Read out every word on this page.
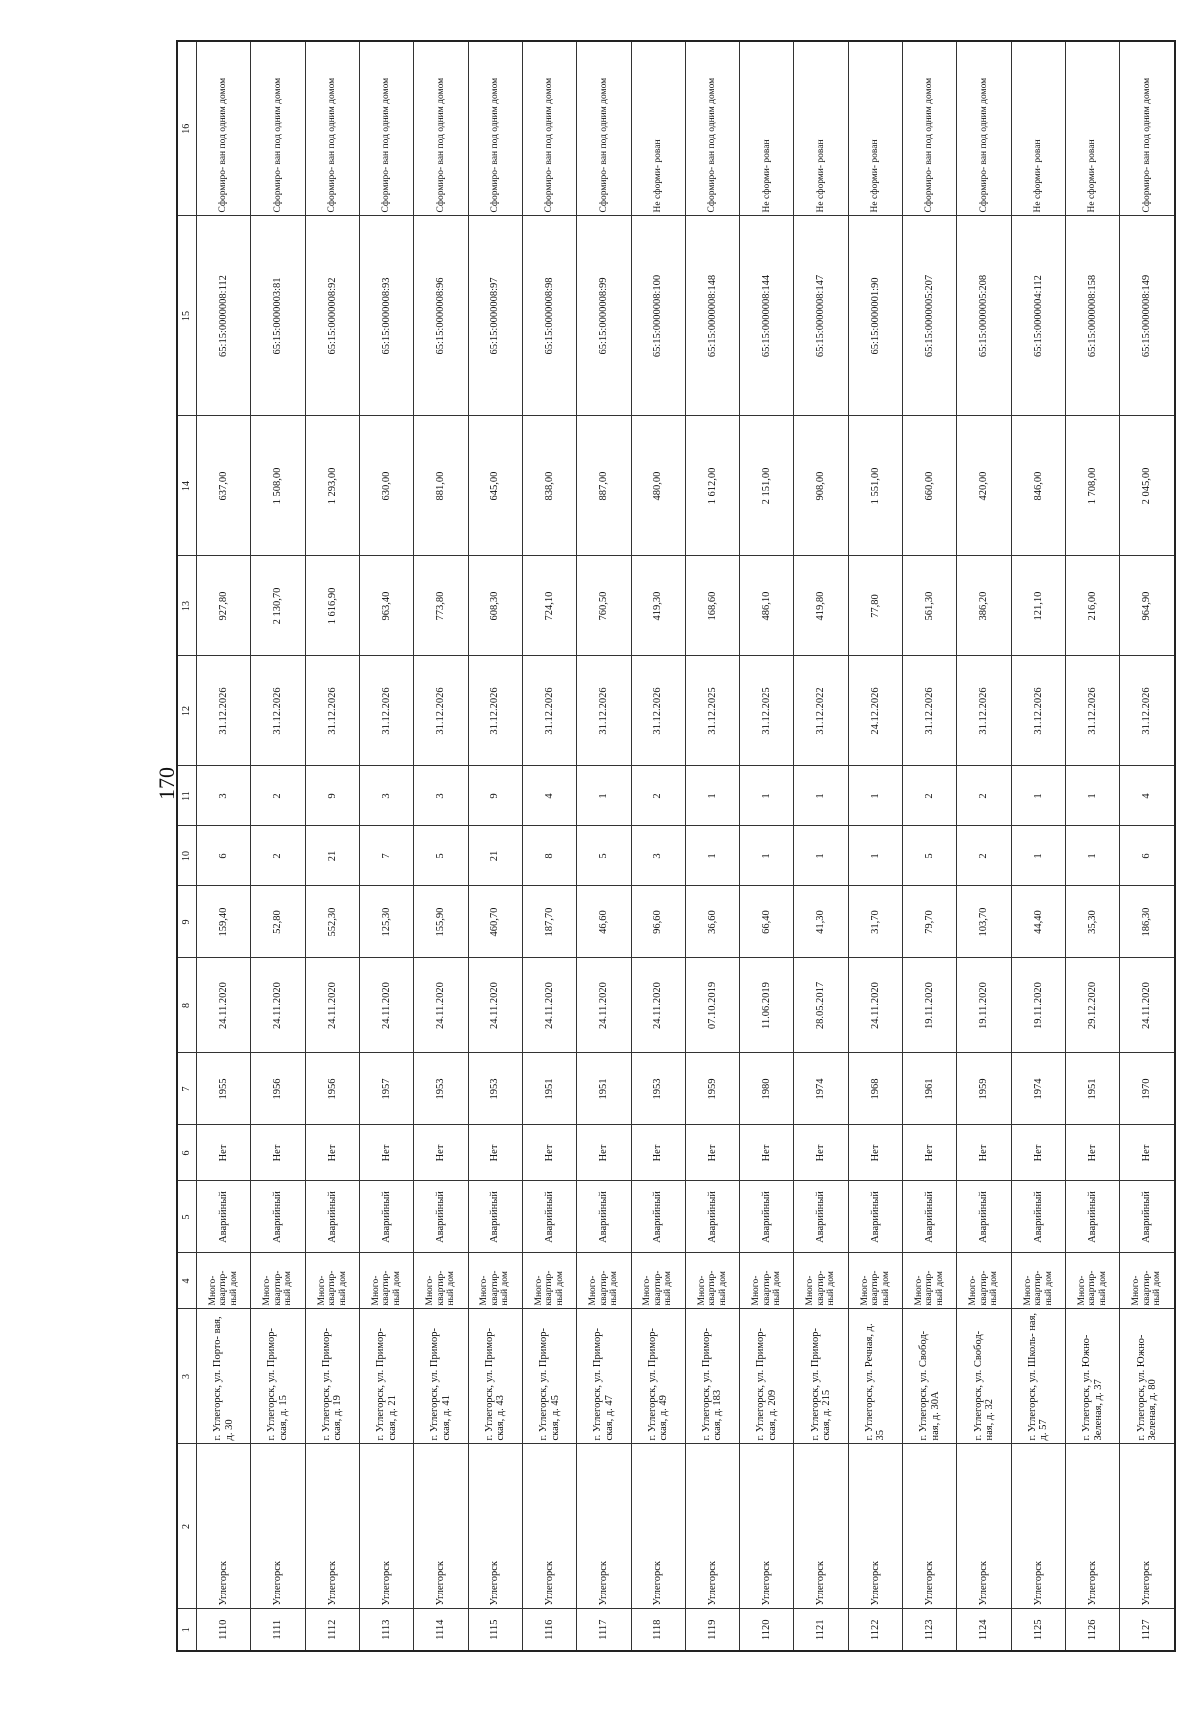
170
1	2	3	4	5	6	7	8	9	10	11	12	13	14	15	16
1110	Углегорск	г. Углегорск, ул. Порто- вая, д. 30	Много- квартир- ный дом	Аварийный	Нет	1955	24.11.2020	159,40	6	3	31.12.2026	927,80	637,00	65:15:0000008:112	Сформиро- ван под одним домом
1111	Углегорск	г. Углегорск, ул. Примор- ская, д. 15	Много- квартир- ный дом	Аварийный	Нет	1956	24.11.2020	52,80	2	2	31.12.2026	2 130,70	1 508,00	65:15:0000003:81	Сформиро- ван под одним домом
1112	Углегорск	г. Углегорск, ул. Примор- ская, д. 19	Много- квартир- ный дом	Аварийный	Нет	1956	24.11.2020	552,30	21	9	31.12.2026	1 616,90	1 293,00	65:15:0000008:92	Сформиро- ван под одним домом
1113	Углегорск	г. Углегорск, ул. Примор- ская, д. 21	Много- квартир- ный дом	Аварийный	Нет	1957	24.11.2020	125,30	7	3	31.12.2026	963,40	630,00	65:15:0000008:93	Сформиро- ван под одним домом
1114	Углегорск	г. Углегорск, ул. Примор- ская, д. 41	Много- квартир- ный дом	Аварийный	Нет	1953	24.11.2020	155,90	5	3	31.12.2026	773,80	881,00	65:15:0000008:96	Сформиро- ван под одним домом
1115	Углегорск	г. Углегорск, ул. Примор- ская, д. 43	Много- квартир- ный дом	Аварийный	Нет	1953	24.11.2020	460,70	21	9	31.12.2026	608,30	645,00	65:15:0000008:97	Сформиро- ван под одним домом
1116	Углегорск	г. Углегорск, ул. Примор- ская, д. 45	Много- квартир- ный дом	Аварийный	Нет	1951	24.11.2020	187,70	8	4	31.12.2026	724,10	838,00	65:15:0000008:98	Сформиро- ван под одним домом
1117	Углегорск	г. Углегорск, ул. Примор- ская, д. 47	Много- квартир- ный дом	Аварийный	Нет	1951	24.11.2020	46,60	5	1	31.12.2026	760,50	887,00	65:15:0000008:99	Сформиро- ван под одним домом
1118	Углегорск	г. Углегорск, ул. Примор- ская, д. 49	Много- квартир- ный дом	Аварийный	Нет	1953	24.11.2020	96,60	3	2	31.12.2026	419,30	480,00	65:15:0000008:100	Не сформи- рован
1119	Углегорск	г. Углегорск, ул. Примор- ская, д. 183	Много- квартир- ный дом	Аварийный	Нет	1959	07.10.2019	36,60	1	1	31.12.2025	168,60	1 612,00	65:15:0000008:148	Сформиро- ван под одним домом
1120	Углегорск	г. Углегорск, ул. Примор- ская, д. 209	Много- квартир- ный дом	Аварийный	Нет	1980	11.06.2019	66,40	1	1	31.12.2025	486,10	2 151,00	65:15:0000008:144	Не сформи- рован
1121	Углегорск	г. Углегорск, ул. Примор- ская, д. 215	Много- квартир- ный дом	Аварийный	Нет	1974	28.05.2017	41,30	1	1	31.12.2022	419,80	908,00	65:15:0000008:147	Не сформи- рован
1122	Углегорск	г. Углегорск, ул. Речная, д. 35	Много- квартир- ный дом	Аварийный	Нет	1968	24.11.2020	31,70	1	1	24.12.2026	77,80	1 551,00	65:15:0000001:90	Не сформи- рован
1123	Углегорск	г. Углегорск, ул. Свобод- ная, д. 30А	Много- квартир- ный дом	Аварийный	Нет	1961	19.11.2020	79,70	5	2	31.12.2026	561,30	660,00	65:15:0000005:207	Сформиро- ван под одним домом
1124	Углегорск	г. Углегорск, ул. Свобод- ная, д. 32	Много- квартир- ный дом	Аварийный	Нет	1959	19.11.2020	103,70	2	2	31.12.2026	386,20	420,00	65:15:0000005:208	Сформиро- ван под одним домом
1125	Углегорск	г. Углегорск, ул. Школь- ная, д. 57	Много- квартир- ный дом	Аварийный	Нет	1974	19.11.2020	44,40	1	1	31.12.2026	121,10	846,00	65:15:0000004:112	Не сформи- рован
1126	Углегорск	г. Углегорск, ул. Южно- Зеленая, д. 37	Много- квартир- ный дом	Аварийный	Нет	1951	29.12.2020	35,30	1	1	31.12.2026	216,00	1 708,00	65:15:0000008:158	Не сформи- рован
1127	Углегорск	г. Углегорск, ул. Южно- Зеленая, д. 80	Много- квартир- ный дом	Аварийный	Нет	1970	24.11.2020	186,30	6	4	31.12.2026	964,90	2 045,00	65:15:0000008:149	Сформиро- ван под одним домом
